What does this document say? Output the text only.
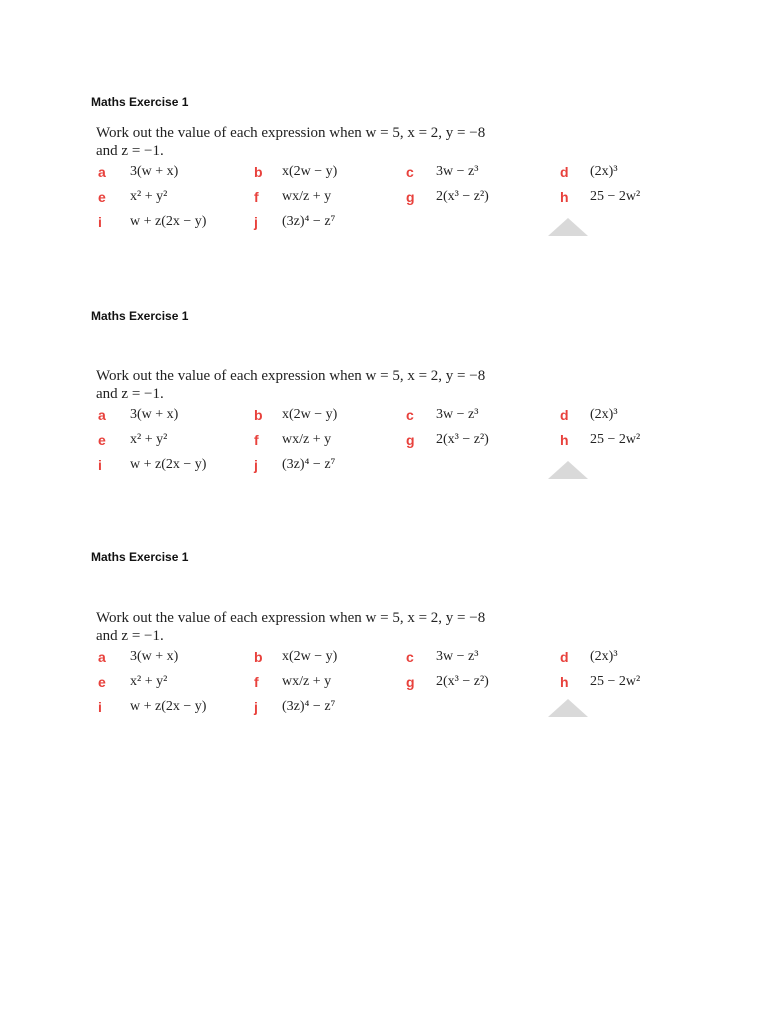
Maths Exercise 1

Work out the value of each expression when w = 5, x = 2, y = −8

and z = −1.

a 3(w + x)	b x(2w − y)	c 3w − z³	d (2x)³
e x² + y²	f wx/z + y	g 2(x³ − z²)	h 25 − 2w²
i w + z(2x − y)	j (3z)⁴ − z⁷
Maths Exercise 1

Work out the value of each expression when w = 5, x = 2, y = −8

and z = −1.

a 3(w + x)	b x(2w − y)	c 3w − z³	d (2x)³
e x² + y²	f wx/z + y	g 2(x³ − z²)	h 25 − 2w²
i w + z(2x − y)	j (3z)⁴ − z⁷
Maths Exercise 1

Work out the value of each expression when w = 5, x = 2, y = −8

and z = −1.

a 3(w + x)	b x(2w − y)	c 3w − z³	d (2x)³
e x² + y²	f wx/z + y	g 2(x³ − z²)	h 25 − 2w²
i w + z(2x − y)	j (3z)⁴ − z⁷
